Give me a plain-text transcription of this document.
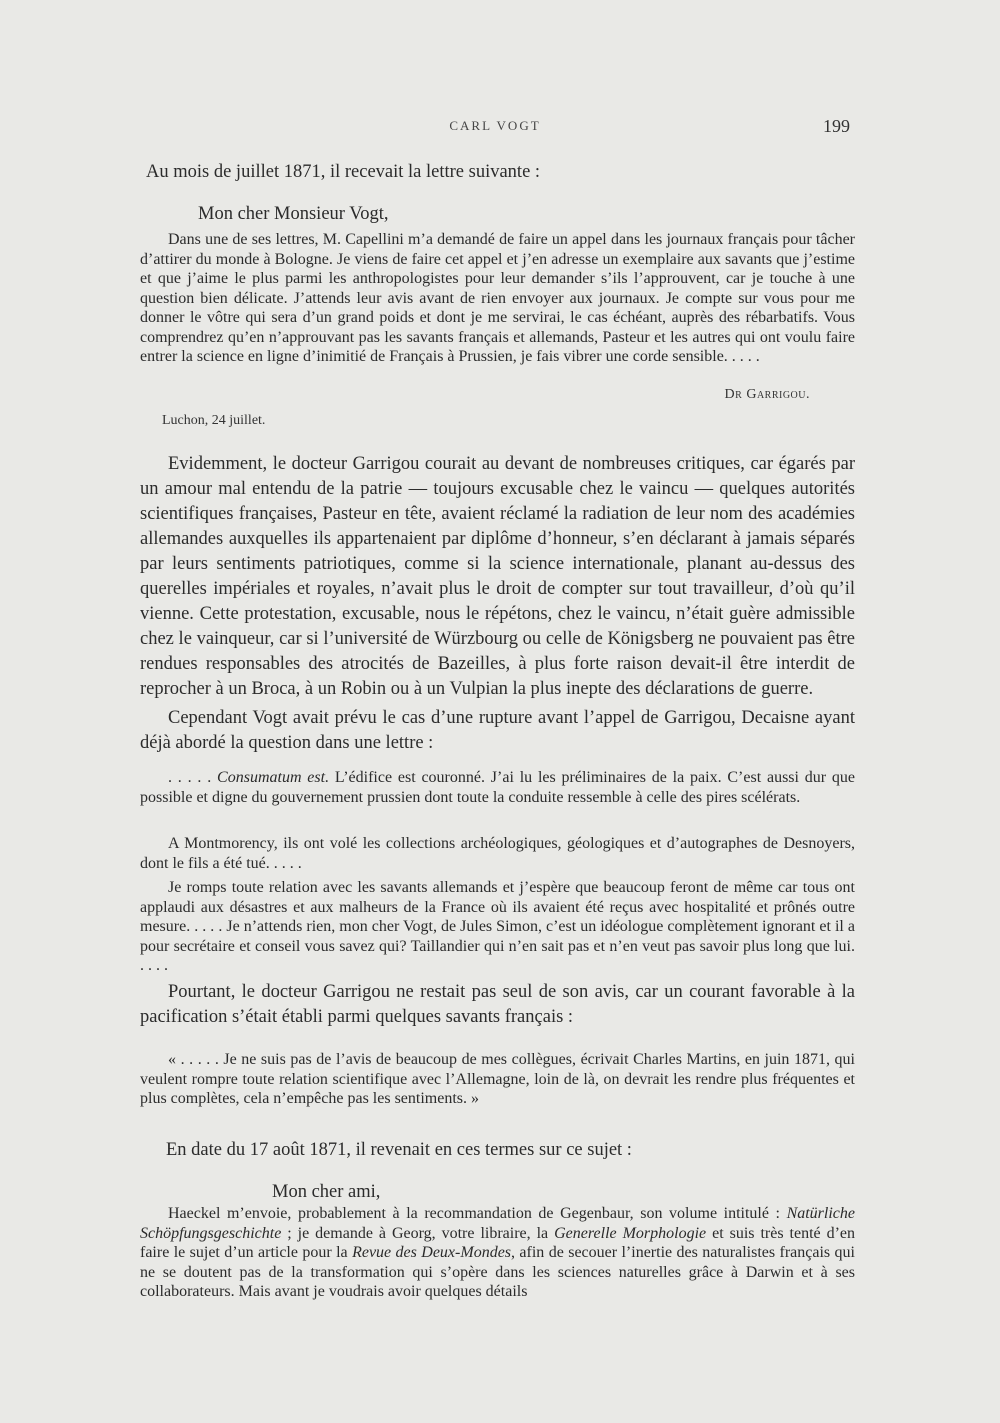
CARL VOGT	199

Au mois de juillet 1871, il recevait la lettre suivante :

Mon cher Monsieur Vogt,

Dans une de ses lettres, M. Capellini m’a demandé de faire un appel dans les journaux français pour tâcher d’attirer du monde à Bologne. Je viens de faire cet appel et j’en adresse un exemplaire aux savants que j’estime et que j’aime le plus parmi les anthropologistes pour leur demander s’ils l’approuvent, car je touche à une question bien délicate. J’attends leur avis avant de rien envoyer aux journaux. Je compte sur vous pour me donner le vôtre qui sera d’un grand poids et dont je me servirai, le cas échéant, auprès des rébarbatifs. Vous comprendrez qu’en n’approuvant pas les savants français et allemands, Pasteur et les autres qui ont voulu faire entrer la science en ligne d’inimitié de Français à Prussien, je fais vibrer une corde sensible. . . . .

Dr Garrigou.
Luchon, 24 juillet.

Evidemment, le docteur Garrigou courait au devant de nombreuses critiques, car égarés par un amour mal entendu de la patrie — toujours excusable chez le vaincu — quelques autorités scientifiques françaises, Pasteur en tête, avaient réclamé la radiation de leur nom des académies allemandes auxquelles ils appartenaient par diplôme d’honneur, s’en déclarant à jamais séparés par leurs sentiments patriotiques, comme si la science internationale, planant au-dessus des querelles impériales et royales, n’avait plus le droit de compter sur tout travailleur, d’où qu’il vienne. Cette protestation, excusable, nous le répétons, chez le vaincu, n’était guère admissible chez le vainqueur, car si l’université de Würzbourg ou celle de Königsberg ne pouvaient pas être rendues responsables des atrocités de Bazeilles, à plus forte raison devait-il être interdit de reprocher à un Broca, à un Robin ou à un Vulpian la plus inepte des déclarations de guerre.

Cependant Vogt avait prévu le cas d’une rupture avant l’appel de Garrigou, Decaisne ayant déjà abordé la question dans une lettre :

. . . . . Consumatum est. L’édifice est couronné. J’ai lu les préliminaires de la paix. C’est aussi dur que possible et digne du gouvernement prussien dont toute la conduite ressemble à celle des pires scélérats.

A Montmorency, ils ont volé les collections archéologiques, géologiques et d’autographes de Desnoyers, dont le fils a été tué. . . . .

Je romps toute relation avec les savants allemands et j’espère que beaucoup feront de même car tous ont applaudi aux désastres et aux malheurs de la France où ils avaient été reçus avec hospitalité et prônés outre mesure. . . . . Je n’attends rien, mon cher Vogt, de Jules Simon, c’est un idéologue complètement ignorant et il a pour secrétaire et conseil vous savez qui? Taillandier qui n’en sait pas et n’en veut pas savoir plus long que lui. . . . .

Pourtant, le docteur Garrigou ne restait pas seul de son avis, car un courant favorable à la pacification s’était établi parmi quelques savants français :

« . . . . . Je ne suis pas de l’avis de beaucoup de mes collègues, écrivait Charles Martins, en juin 1871, qui veulent rompre toute relation scientifique avec l’Allemagne, loin de là, on devrait les rendre plus fréquentes et plus complètes, cela n’empêche pas les sentiments. »

En date du 17 août 1871, il revenait en ces termes sur ce sujet :

Mon cher ami,

Haeckel m’envoie, probablement à la recommandation de Gegenbaur, son volume intitulé : Natürliche Schöpfungsgeschichte ; je demande à Georg, votre libraire, la Generelle Morphologie et suis très tenté d’en faire le sujet d’un article pour la Revue des Deux-Mondes, afin de secouer l’inertie des naturalistes français qui ne se doutent pas de la transformation qui s’opère dans les sciences naturelles grâce à Darwin et à ses collaborateurs. Mais avant je voudrais avoir quelques détails
